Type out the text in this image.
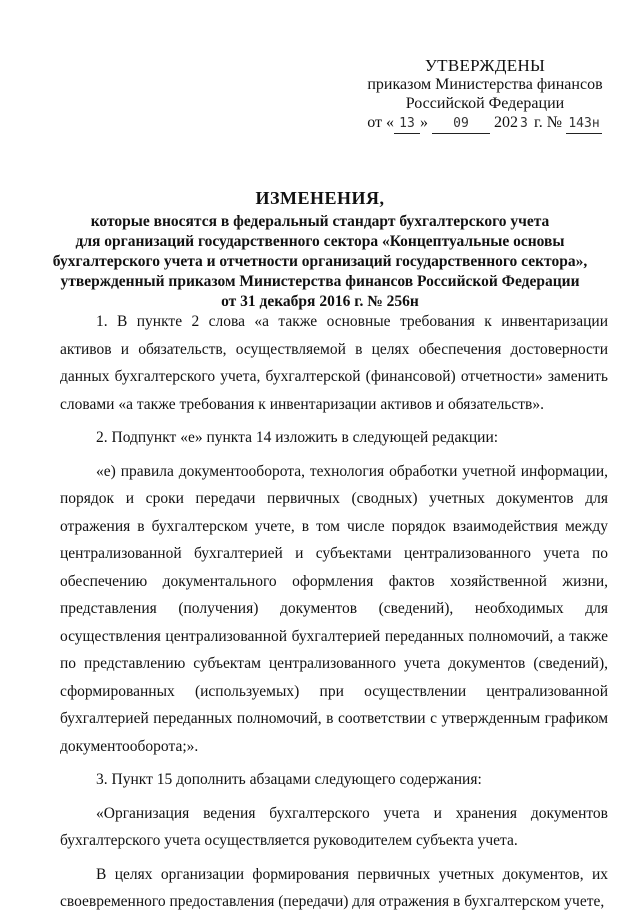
УТВЕРЖДЕНЫ
приказом Министерства финансов
Российской Федерации
от « 13 » 09 202 3 г. № 143н
ИЗМЕНЕНИЯ,
которые вносятся в федеральный стандарт бухгалтерского учета
для организаций государственного сектора «Концептуальные основы
бухгалтерского учета и отчетности организаций государственного сектора»,
утвержденный приказом Министерства финансов Российской Федерации
от 31 декабря 2016 г. № 256н

1. В пункте 2 слова «а также основные требования к инвентаризации активов и обязательств, осуществляемой в целях обеспечения достоверности данных бухгалтерского учета, бухгалтерской (финансовой) отчетности» заменить словами «а также требования к инвентаризации активов и обязательств».

2. Подпункт «е» пункта 14 изложить в следующей редакции:

«е) правила документооборота, технология обработки учетной информации, порядок и сроки передачи первичных (сводных) учетных документов для отражения в бухгалтерском учете, в том числе порядок взаимодействия между централизованной бухгалтерией и субъектами централизованного учета по обеспечению документального оформления фактов хозяйственной жизни, представления (получения) документов (сведений), необходимых для осуществления централизованной бухгалтерией переданных полномочий, а также по представлению субъектам централизованного учета документов (сведений), сформированных (используемых) при осуществлении централизованной бухгалтерией переданных полномочий, в соответствии с утвержденным графиком документооборота;».

3. Пункт 15 дополнить абзацами следующего содержания:

«Организация ведения бухгалтерского учета и хранения документов бухгалтерского учета осуществляется руководителем субъекта учета.

В целях организации формирования первичных учетных документов, их своевременного предоставления (передачи) для отражения в бухгалтерском учете,
